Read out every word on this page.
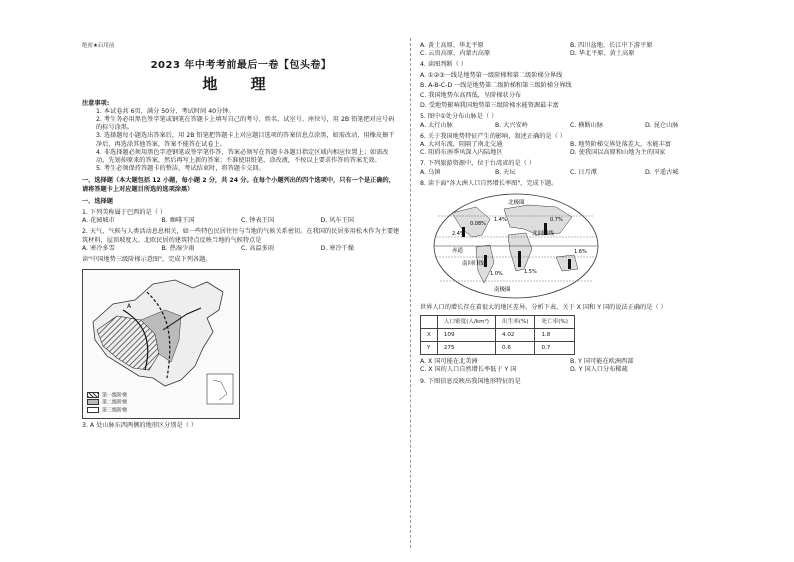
绝密★启用前
2023 年中考考前最后一卷【包头卷】
地 理
注意事项:
1. 本试卷共 6页，满分 50分，考试时间 40分钟。
2. 考生务必用黑色签字笔或钢笔在答题卡上填写自己的考号、姓名、试室号、座位号，用 2B 铅笔把对应号码的标号涂黑。
3. 选择题每小题选出答案后，用 2B 铅笔把答题卡上对应题目选项的答案信息点涂黑，如需改动，用橡皮擦干净后，再选涂其他答案，答案不能答在试卷上。
4. 非选择题必须用黑色字迹钢笔或签字笔作答，答案必须写在答题卡各题目指定区域内相应位置上；如需改动，先划掉原来的答案，然后再写上新的答案；不准使用铅笔、涂改液，不按以上要求作答的答案无效。
5. 考生必须保持答题卡的整洁，考试结束时，将答题卡交回。
一、选择题（本大题包括 12 小题，每小题 2 分，共 24 分。在每个小题列出的四个选项中，只有一个是正确的，请将答题卡上对应题目所选的选项涂黑）
一、选择题
1. 下列美称属于巴西的是（ ）
A. 花园城市	B. 咖啡王国	C. 钟表王国	D. 风车王国
2. 天气、气候与人类活动息息相关，如一些特色民居往往与当地的气候关系密切。在我国的民居多用松木作为主要建筑材料，屋顶坡度大。北欧民居的建筑特点反映当地的气候特点是
A. 寒冷多雪	B. 热湿少雨	C. 高温多雨	D. 寒冷干燥
读"中国地势三级阶梯示意图"，完成下列各题。
A
第一级阶梯
第二级阶梯
第三级阶梯
3. A 处山脉东西两侧的地形区分别是（ ）
A. 黄土高原、华北平原	B. 四川盆地、长江中下游平原
C. 云贵高原、内蒙古高原	D. 华北平原、黄土高原
4. 读图判断（ ）
A. ①②③一线是地势第一级阶梯和第二级阶梯分界线
B. A-B-C-D 一线是地势第二级阶梯和第三级阶梯分界线
C. 我国地势东高西低，呈阶梯状分布
D. 受地势影响我国地势第三级阶梯水能资源最丰富
5. 图中①处分布山脉是（ ）
A. 太行山脉	B. 大兴安岭	C. 横断山脉	D. 昆仑山脉
6. 关于我国地势特征产生的影响，叙述正确的是（ ）
A. 大河东流，阻隔了南北交通	B. 地势阶梯交界处落差大，水能丰富
C. 阻碍东南季风深入内陆地区	D. 使我国以高原和山地为主的国家
7. 下列旅游资源中，位于台湾省的是（ ）
A. 乌镇	B. 天坛	C. 日月潭	D. 平遥古城
8. 读下面"各大洲人口自然增长率图"，完成下题。
北极圈
北回归线
赤道
南回归线
南极圈
0.08%
1.4%
2.4%
0.7%
1.5%
1.6%
1.0%
世界人口的增长存在着很大的地区差异。分析下表，关于 X 国和 Y 国的说法正确的是（ ）
	人口密度(人/km²)	出生率(%)	死亡率(%)
X	109	4.02	1.8
Y	275	0.6	0.7
A. X 国可能在北美洲	B. Y 国可能在欧洲西部
C. X 国的人口自然增长率低于 Y 国	D. Y 国人口分布稀疏
9. 下图信息反映出我国地形特征的是
